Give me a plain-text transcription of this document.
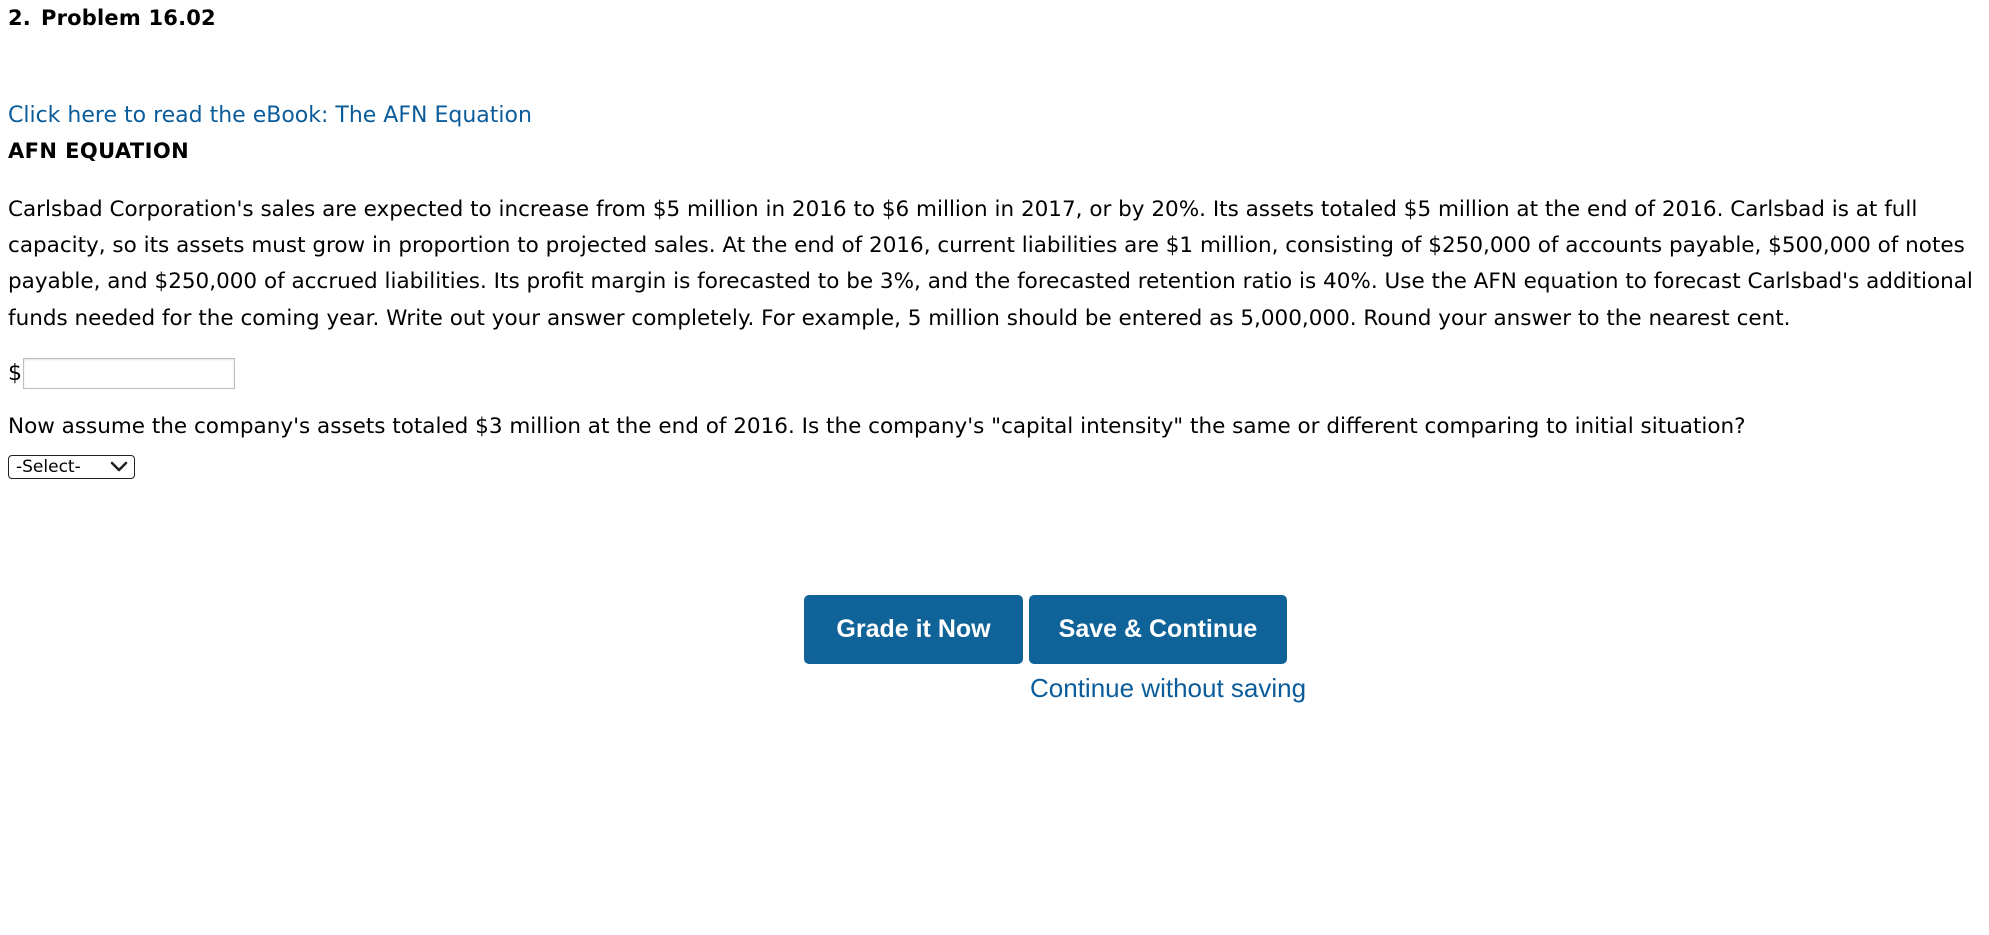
2. Problem 16.02
Click here to read the eBook: The AFN Equation
AFN EQUATION

Carlsbad Corporation's sales are expected to increase from $5 million in 2016 to $6 million in 2017, or by 20%. Its assets totaled $5 million at the end of 2016. Carlsbad is at full capacity, so its assets must grow in proportion to projected sales. At the end of 2016, current liabilities are $1 million, consisting of $250,000 of accounts payable, $500,000 of notes payable, and $250,000 of accrued liabilities. Its profit margin is forecasted to be 3%, and the forecasted retention ratio is 40%. Use the AFN equation to forecast Carlsbad's additional funds needed for the coming year. Write out your answer completely. For example, 5 million should be entered as 5,000,000. Round your answer to the nearest cent.

$

Now assume the company's assets totaled $3 million at the end of 2016. Is the company's "capital intensity" the same or different comparing to initial situation?

-Select-
Grade it Now	Save & Continue
Continue without saving
